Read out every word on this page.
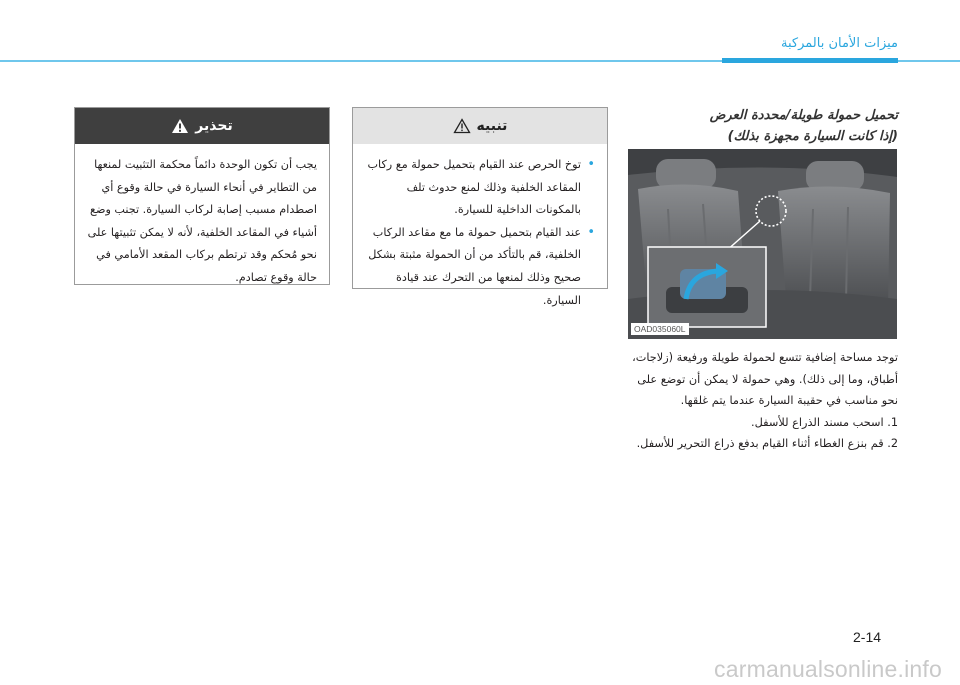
ميزات الأمان بالمركبة
تحذير

يجب أن تكون الوحدة دائماً محكمة التثبيت لمنعها من التطاير في أنحاء السيارة في حالة وقوع أي اصطدام مسبب إصابة لركاب السيارة. تجنب وضع أشياء في المقاعد الخلفية، لأنه لا يمكن تثبيتها على نحو مُحكم وقد ترتطم بركاب المقعد الأمامي في حالة وقوع تصادم.

تنبيه

• توخ الحرص عند القيام بتحميل حمولة مع ركاب المقاعد الخلفية وذلك لمنع حدوث تلف بالمكونات الداخلية للسيارة.

• عند القيام بتحميل حمولة ما مع مقاعد الركاب الخلفية، قم بالتأكد من أن الحمولة مثبتة بشكل صحيح وذلك لمنعها من التحرك عند قيادة السيارة.

تحميل حمولة طويلة/محددة العرض
(إذا كانت السيارة مجهزة بذلك)
OAD035060L

توجد مساحة إضافية تتسع لحمولة طويلة ورفيعة (زلاجات، أطباق، وما إلى ذلك). وهي حمولة لا يمكن أن توضع على نحو مناسب في حقيبة السيارة عندما يتم غلقها.

1. اسحب مسند الذراع للأسفل.

2. قم بنزع الغطاء أثناء القيام بدفع ذراع التحرير للأسفل.

2-14
carmanualsonline.info
